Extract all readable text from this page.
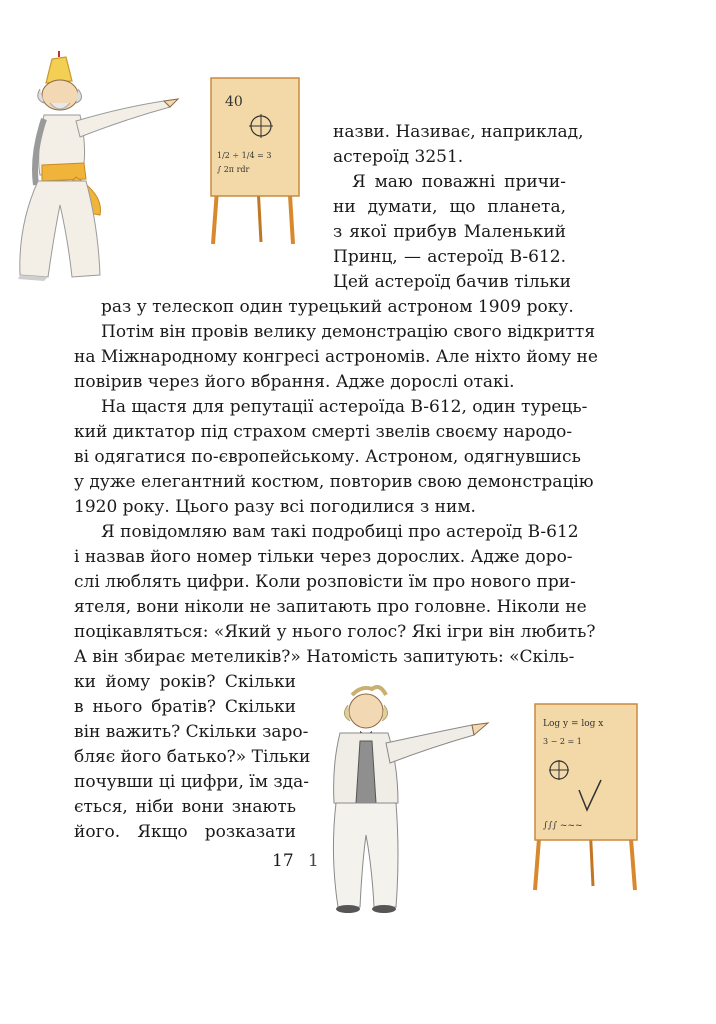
40
1/2 ÷ 1/4 = 3
∫ 2π rdr
назви. Називає, наприклад,
астероїд 3251.
Я маю поважні причи-
ни думати, що планета,
з якої прибув Маленький
Принц, — астероїд B-612.
Цей астероїд бачив тільки
раз у телескоп один турецький астроном 1909 року.
Потім він провів велику демонстрацію свого відкриття
на Міжнародному конгресі астрономів. Але ніхто йому не
повірив через його вбрання. Адже дорослі отакі.
На щастя для репутації астероїда B-612, один турець-
кий диктатор під страхом смерті звелів своєму народо-
ві одягатися по-європейському. Астроном, одягнувшись
у дуже елегантний костюм, повторив свою демонстрацію
1920 року. Цього разу всі погодилися з ним.
Я повідомляю вам такі подробиці про астероїд B-612
і назвав його номер тільки через дорослих. Адже доро-
слі люблять цифри. Коли розповісти їм про нового при-
ятеля, вони ніколи не запитають про головне. Ніколи не
поцікавляться: «Який у нього голос? Які ігри він любить?
А він збирає метеликів?» Натомість запитують: «Скіль-
ки йому років? Скільки
в нього братів? Скільки
він важить? Скільки заро-
бляє його батько?» Тільки
почувши ці цифри, їм зда-
ється, ніби вони знають
його. Якщо розказати
Log y = log x
3 − 2 = 1
∫∫∫ ~~~
17 1
